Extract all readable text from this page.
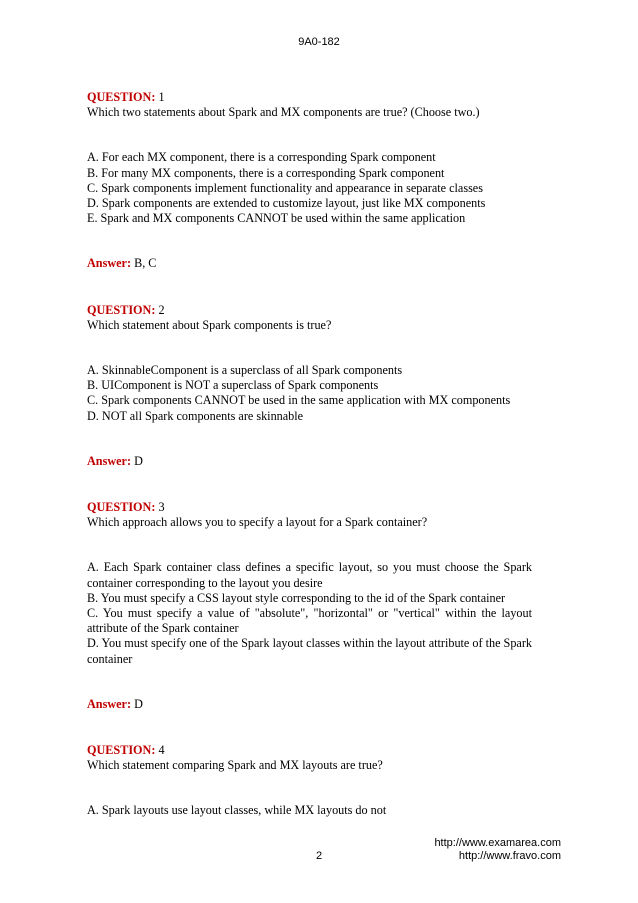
9A0-182

QUESTION: 1

Which two statements about Spark and MX components are true? (Choose two.)

A. For each MX component, there is a corresponding Spark component

B. For many MX components, there is a corresponding Spark component

C. Spark components implement functionality and appearance in separate classes

D. Spark components are extended to customize layout, just like MX components

E. Spark and MX components CANNOT be used within the same application

Answer: B, C

QUESTION: 2

Which statement about Spark components is true?

A. SkinnableComponent is a superclass of all Spark components

B. UIComponent is NOT a superclass of Spark components

C. Spark components CANNOT be used in the same application with MX components

D. NOT all Spark components are skinnable

Answer: D

QUESTION: 3

Which approach allows you to specify a layout for a Spark container?

A. Each Spark container class defines a specific layout, so you must choose the Spark container corresponding to the layout you desire

B. You must specify a CSS layout style corresponding to the id of the Spark container

C. You must specify a value of "absolute", "horizontal" or "vertical" within the layout attribute of the Spark container

D. You must specify one of the Spark layout classes within the layout attribute of the Spark container

Answer: D

QUESTION: 4

Which statement comparing Spark and MX layouts are true?

A. Spark layouts use layout classes, while MX layouts do not

http://www.examarea.com
http://www.fravo.com
2
